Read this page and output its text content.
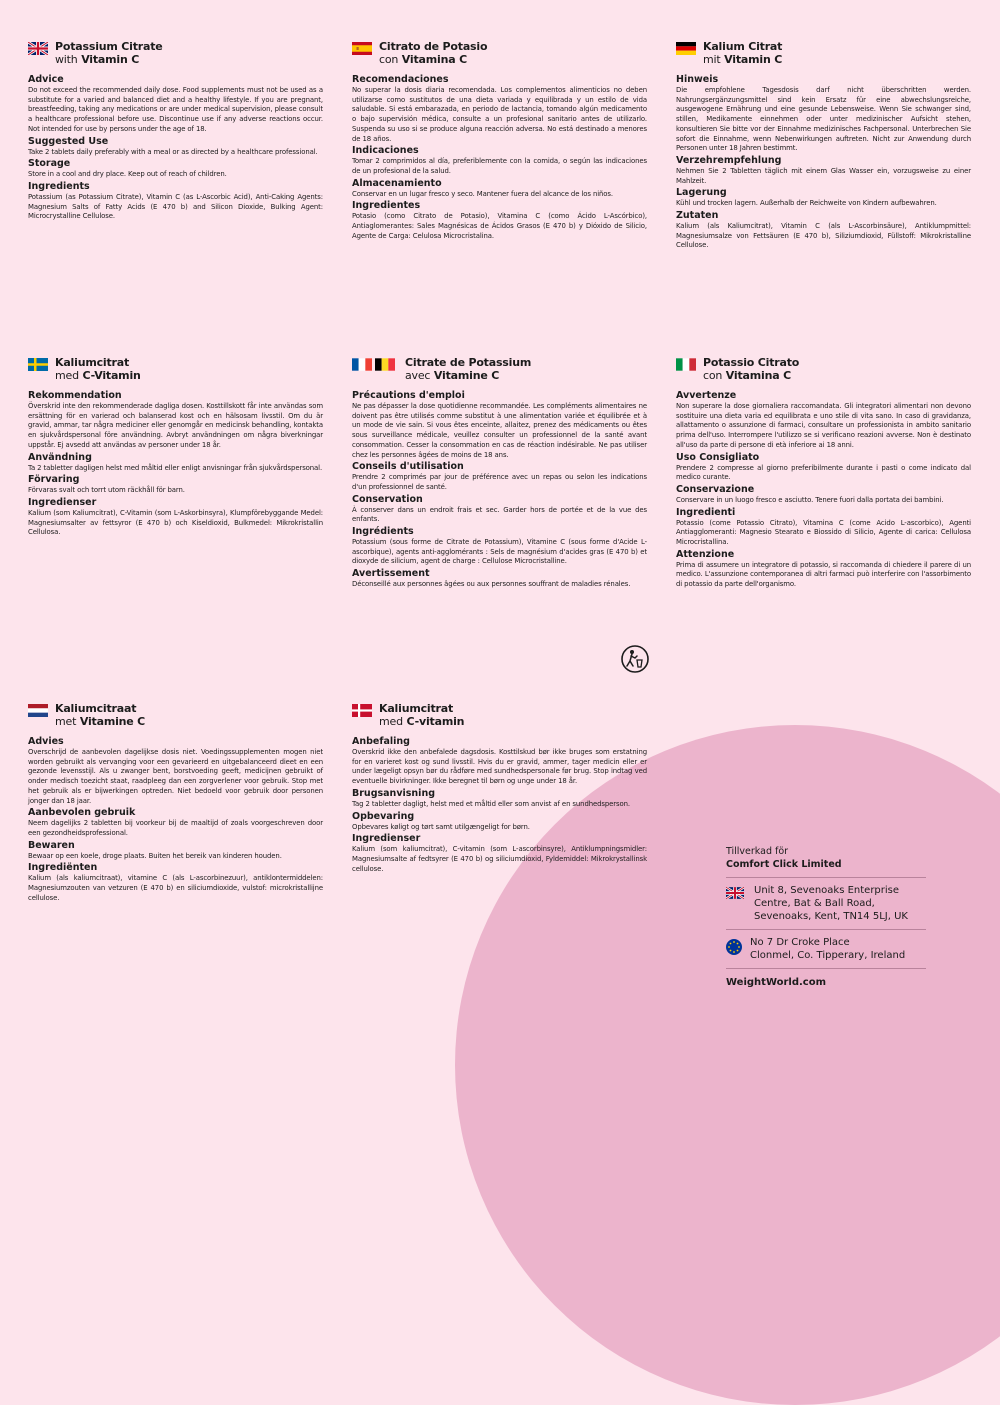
Potassium Citrate
with Vitamin C
Advice
Do not exceed the recommended daily dose. Food supplements must not be used as a substitute for a varied and balanced diet and a healthy lifestyle. If you are pregnant, breastfeeding, taking any medications or are under medical supervision, please consult a healthcare professional before use. Discontinue use if any adverse reactions occur. Not intended for use by persons under the age of 18.
Suggested Use
Take 2 tablets daily preferably with a meal or as directed by a healthcare professional.
Storage
Store in a cool and dry place. Keep out of reach of children.
Ingredients
Potassium (as Potassium Citrate), Vitamin C (as L-Ascorbic Acid), Anti-Caking Agents: Magnesium Salts of Fatty Acids (E 470 b) and Silicon Dioxide, Bulking Agent: Microcrystalline Cellulose.
Citrato de Potasio
con Vitamina C
Recomendaciones
No superar la dosis diaria recomendada. Los complementos alimenticios no deben utilizarse como sustitutos de una dieta variada y equilibrada y un estilo de vida saludable. Si está embarazada, en periodo de lactancia, tomando algún medicamento o bajo supervisión médica, consulte a un profesional sanitario antes de utilizarlo. Suspenda su uso si se produce alguna reacción adversa. No está destinado a menores de 18 años.
Indicaciones
Tomar 2 comprimidos al día, preferiblemente con la comida, o según las indicaciones de un profesional de la salud.
Almacenamiento
Conservar en un lugar fresco y seco. Mantener fuera del alcance de los niños.
Ingredientes
Potasio (como Citrato de Potasio), Vitamina C (como Ácido L-Ascórbico), Antiaglomerantes: Sales Magnésicas de Ácidos Grasos (E 470 b) y Dióxido de Silicio, Agente de Carga: Celulosa Microcristalina.
Kalium Citrat
mit Vitamin C
Hinweis
Die empfohlene Tagesdosis darf nicht überschritten werden. Nahrungsergänzungsmittel sind kein Ersatz für eine abwechslungsreiche, ausgewogene Ernährung und eine gesunde Lebensweise. Wenn Sie schwanger sind, stillen, Medikamente einnehmen oder unter medizinischer Aufsicht stehen, konsultieren Sie bitte vor der Einnahme medizinisches Fachpersonal. Unterbrechen Sie sofort die Einnahme, wenn Nebenwirkungen auftreten. Nicht zur Anwendung durch Personen unter 18 Jahren bestimmt.
Verzehrempfehlung
Nehmen Sie 2 Tabletten täglich mit einem Glas Wasser ein, vorzugsweise zu einer Mahlzeit.
Lagerung
Kühl und trocken lagern. Außerhalb der Reichweite von Kindern aufbewahren.
Zutaten
Kalium (als Kaliumcitrat), Vitamin C (als L-Ascorbinsäure), Antiklumpmittel: Magnesiumsalze von Fettsäuren (E 470 b), Siliziumdioxid, Füllstoff: Mikrokristalline Cellulose.
Kaliumcitrat
med C-Vitamin
Rekommendation
Överskrid inte den rekommenderade dagliga dosen. Kosttillskott får inte användas som ersättning för en varierad och balanserad kost och en hälsosam livsstil. Om du är gravid, ammar, tar några mediciner eller genomgår en medicinsk behandling, kontakta en sjukvårdspersonal före användning. Avbryt användningen om några biverkningar uppstår. Ej avsedd att användas av personer under 18 år.
Användning
Ta 2 tabletter dagligen helst med måltid eller enligt anvisningar från sjukvårdspersonal.
Förvaring
Förvaras svalt och torrt utom räckhåll för barn.
Ingredienser
Kalium (som Kaliumcitrat), C-Vitamin (som L-Askorbinsyra), Klumpförebyggande Medel: Magnesiumsalter av fettsyror (E 470 b) och Kiseldioxid, Bulkmedel: Mikrokristallin Cellulosa.
Citrate de Potassium
avec Vitamine C
Précautions d'emploi
Ne pas dépasser la dose quotidienne recommandée. Les compléments alimentaires ne doivent pas être utilisés comme substitut à une alimentation variée et équilibrée et à un mode de vie sain. Si vous êtes enceinte, allaitez, prenez des médicaments ou êtes sous surveillance médicale, veuillez consulter un professionnel de la santé avant consommation. Cesser la consommation en cas de réaction indésirable. Ne pas utiliser chez les personnes âgées de moins de 18 ans.
Conseils d'utilisation
Prendre 2 comprimés par jour de préférence avec un repas ou selon les indications d'un professionnel de santé.
Conservation
À conserver dans un endroit frais et sec. Garder hors de portée et de la vue des enfants.
Ingrédients
Potassium (sous forme de Citrate de Potassium), Vitamine C (sous forme d'Acide L-ascorbique), agents anti-agglomérants : Sels de magnésium d'acides gras (E 470 b) et dioxyde de silicium, agent de charge : Cellulose Microcristalline.
Avertissement
Déconseillé aux personnes âgées ou aux personnes souffrant de maladies rénales.
Potassio Citrato
con Vitamina C
Avvertenze
Non superare la dose giornaliera raccomandata. Gli integratori alimentari non devono sostituire una dieta varia ed equilibrata e uno stile di vita sano. In caso di gravidanza, allattamento o assunzione di farmaci, consultare un professionista in ambito sanitario prima dell'uso. Interrompere l'utilizzo se si verificano reazioni avverse. Non è destinato all'uso da parte di persone di età inferiore ai 18 anni.
Uso Consigliato
Prendere 2 compresse al giorno preferibilmente durante i pasti o come indicato dal medico curante.
Conservazione
Conservare in un luogo fresco e asciutto. Tenere fuori dalla portata dei bambini.
Ingredienti
Potassio (come Potassio Citrato), Vitamina C (come Acido L-ascorbico), Agenti Antiagglomeranti: Magnesio Stearato e Biossido di Silicio, Agente di carica: Cellulosa Microcristallina.
Attenzione
Prima di assumere un integratore di potassio, si raccomanda di chiedere il parere di un medico. L'assunzione contemporanea di altri farmaci può interferire con l'assorbimento di potassio da parte dell'organismo.
Kaliumcitraat
met Vitamine C
Advies
Overschrijd de aanbevolen dagelijkse dosis niet. Voedingssupplementen mogen niet worden gebruikt als vervanging voor een gevarieerd en uitgebalanceerd dieet en een gezonde levensstijl. Als u zwanger bent, borstvoeding geeft, medicijnen gebruikt of onder medisch toezicht staat, raadpleeg dan een zorgverlener voor gebruik. Stop met het gebruik als er bijwerkingen optreden. Niet bedoeld voor gebruik door personen jonger dan 18 jaar.
Aanbevolen gebruik
Neem dagelijks 2 tabletten bij voorkeur bij de maaltijd of zoals voorgeschreven door een gezondheidsprofessional.
Bewaren
Bewaar op een koele, droge plaats. Buiten het bereik van kinderen houden.
Ingrediënten
Kalium (als kaliumcitraat), vitamine C (als L-ascorbinezuur), antiklontermiddelen: Magnesiumzouten van vetzuren (E 470 b) en siliciumdioxide, vulstof: microkristallijne cellulose.
Kaliumcitrat
med C-vitamin
Anbefaling
Overskrid ikke den anbefalede dagsdosis. Kosttilskud bør ikke bruges som erstatning for en varieret kost og sund livsstil. Hvis du er gravid, ammer, tager medicin eller er under lægeligt opsyn bør du rådføre med sundhedspersonale før brug. Stop indtag ved eventuelle bivirkninger. Ikke beregnet til børn og unge under 18 år.
Brugsanvisning
Tag 2 tabletter dagligt, helst med et måltid eller som anvist af en sundhedsperson.
Opbevaring
Opbevares køligt og tørt samt utilgængeligt for børn.
Ingredienser
Kalium (som kaliumcitrat), C-vitamin (som L-ascorbinsyre), Antiklumpningsmidler: Magnesiumsalte af fedtsyrer (E 470 b) og siliciumdioxid, Fyldemiddel: Mikrokrystallinsk cellulose.
Tillverkad för
Comfort Click Limited
Unit 8, Sevenoaks Enterprise
Centre, Bat & Ball Road,
Sevenoaks, Kent, TN14 5LJ, UK
No 7 Dr Croke Place
Clonmel, Co. Tipperary, Ireland
WeightWorld.com
